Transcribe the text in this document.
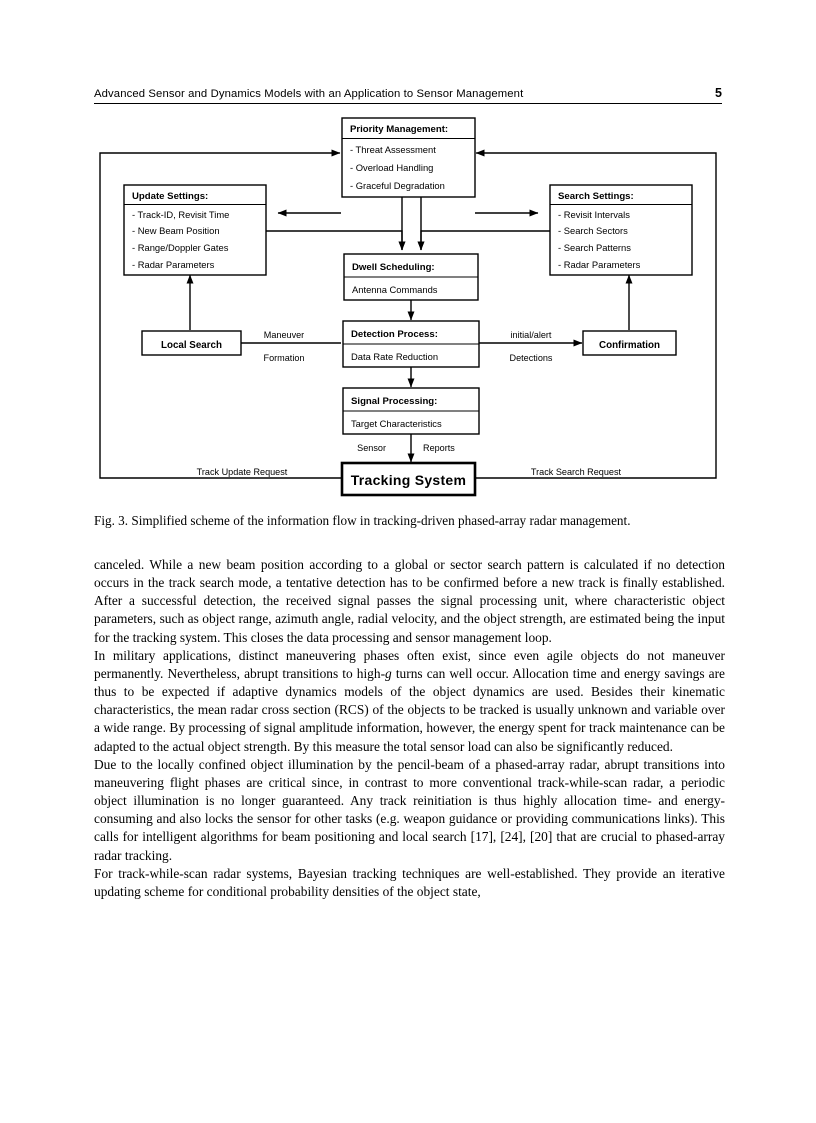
Advanced Sensor and Dynamics Models with an Application to Sensor Management	5
Priority Management:
- Threat Assessment
- Overload Handling
- Graceful Degradation
Update Settings:
- Track-ID, Revisit Time
- New Beam Position
- Range/Doppler Gates
- Radar Parameters
Search Settings:
- Revisit Intervals
- Search Sectors
- Search Patterns
- Radar Parameters
Dwell Scheduling:
Antenna Commands
Detection Process:
Data Rate Reduction
Signal Processing:
Target Characteristics
Local Search	Confirmation
Tracking System
Maneuver
Formation
initial/alert
Detections
Sensor	Reports
Track Update Request	Track Search Request
Fig. 3. Simplified scheme of the information flow in tracking-driven phased-array radar management.

canceled. While a new beam position according to a global or sector search pattern is calculated if no detection occurs in the track search mode, a tentative detection has to be confirmed before a new track is finally established. After a successful detection, the received signal passes the signal processing unit, where characteristic object parameters, such as object range, azimuth angle, radial velocity, and the object strength, are estimated being the input for the tracking system. This closes the data processing and sensor management loop.

In military applications, distinct maneuvering phases often exist, since even agile objects do not maneuver permanently. Nevertheless, abrupt transitions to high-g turns can well occur. Allocation time and energy savings are thus to be expected if adaptive dynamics models of the object dynamics are used. Besides their kinematic characteristics, the mean radar cross section (RCS) of the objects to be tracked is usually unknown and variable over a wide range. By processing of signal amplitude information, however, the energy spent for track maintenance can be adapted to the actual object strength. By this measure the total sensor load can also be significantly reduced.

Due to the locally confined object illumination by the pencil-beam of a phased-array radar, abrupt transitions into maneuvering flight phases are critical since, in contrast to more conventional track-while-scan radar, a periodic object illumination is no longer guaranteed. Any track reinitiation is thus highly allocation time- and energy-consuming and also locks the sensor for other tasks (e.g. weapon guidance or providing communications links). This calls for intelligent algorithms for beam positioning and local search [17], [24], [20] that are crucial to phased-array radar tracking.

For track-while-scan radar systems, Bayesian tracking techniques are well-established. They provide an iterative updating scheme for conditional probability densities of the object state,
